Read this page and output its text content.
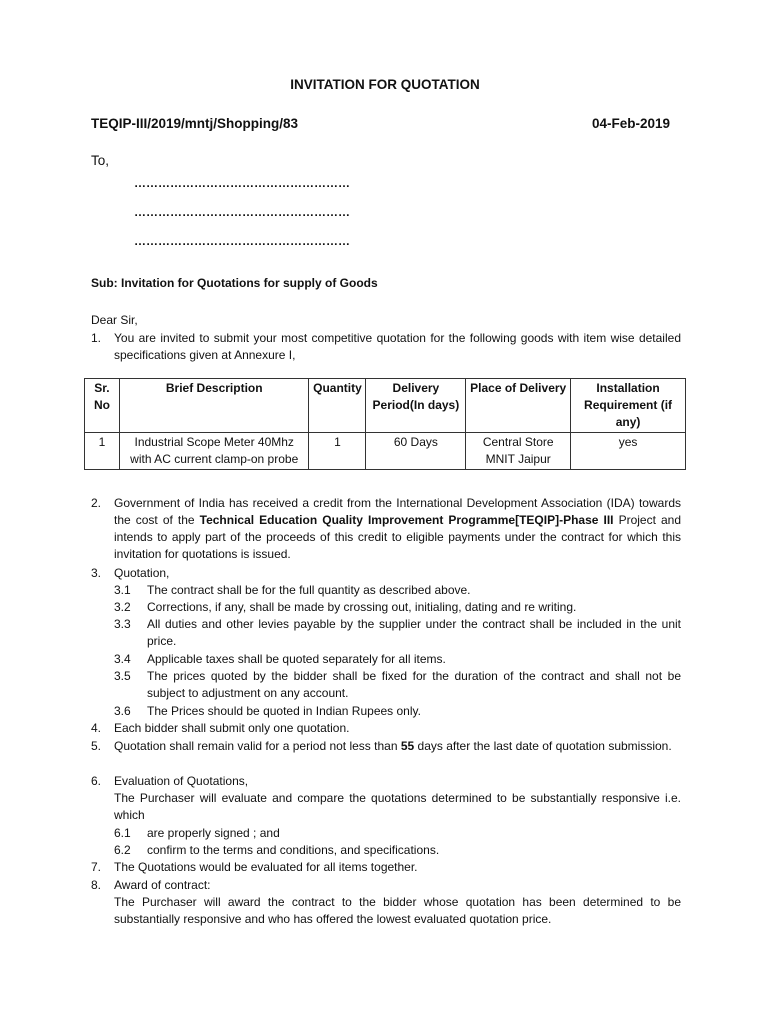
INVITATION FOR QUOTATION
TEQIP-III/2019/mntj/Shopping/83	04-Feb-2019
To,
………………………………………………
………………………………………………
………………………………………………
Sub: Invitation for Quotations for supply of Goods
Dear Sir,
1. You are invited to submit your most competitive quotation for the following goods with item wise detailed specifications given at Annexure I,
Sr. No	Brief Description	Quantity	Delivery Period(In days)	Place of Delivery	Installation Requirement (if any)
1	Industrial Scope Meter 40Mhz with AC current clamp-on probe	1	60 Days	Central Store MNIT Jaipur	yes
2. Government of India has received a credit from the International Development Association (IDA) towards the cost of the Technical Education Quality Improvement Programme[TEQIP]-Phase III Project and intends to apply part of the proceeds of this credit to eligible payments under the contract for which this invitation for quotations is issued.
3. Quotation,
3.1 The contract shall be for the full quantity as described above.
3.2 Corrections, if any, shall be made by crossing out, initialing, dating and re writing.
3.3 All duties and other levies payable by the supplier under the contract shall be included in the unit price.
3.4 Applicable taxes shall be quoted separately for all items.
3.5 The prices quoted by the bidder shall be fixed for the duration of the contract and shall not be subject to adjustment on any account.
3.6 The Prices should be quoted in Indian Rupees only.
4. Each bidder shall submit only one quotation.
5. Quotation shall remain valid for a period not less than 55 days after the last date of quotation submission.
6. Evaluation of Quotations,
The Purchaser will evaluate and compare the quotations determined to be substantially responsive i.e. which
6.1 are properly signed ; and
6.2 confirm to the terms and conditions, and specifications.
7. The Quotations would be evaluated for all items together.
8. Award of contract:
The Purchaser will award the contract to the bidder whose quotation has been determined to be substantially responsive and who has offered the lowest evaluated quotation price.
